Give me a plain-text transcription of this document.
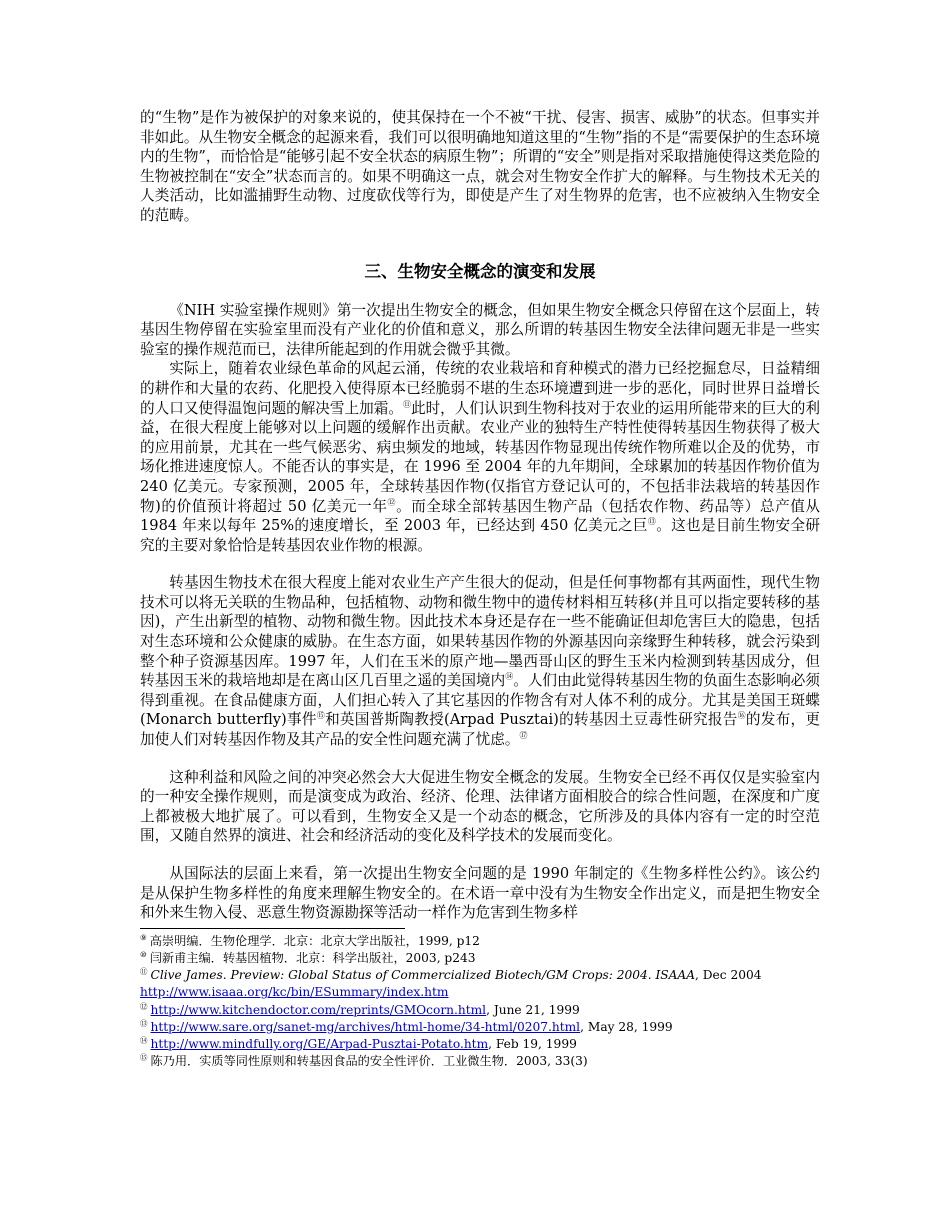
的“生物”是作为被保护的对象来说的，使其保持在一个不被“干扰、侵害、损害、威胁”的状态。但事实并非如此。从生物安全概念的起源来看，我们可以很明确地知道这里的“生物”指的不是“需要保护的生态环境内的生物”，而恰恰是“能够引起不安全状态的病原生物”；所谓的“安全”则是指对采取措施使得这类危险的生物被控制在“安全”状态而言的。如果不明确这一点，就会对生物安全作扩大的解释。与生物技术无关的人类活动，比如滥捕野生动物、过度砍伐等行为，即使是产生了对生物界的危害，也不应被纳入生物安全的范畴。

三、生物安全概念的演变和发展

《NIH 实验室操作规则》第一次提出生物安全的概念，但如果生物安全概念只停留在这个层面上，转基因生物停留在实验室里而没有产业化的价值和意义，那么所谓的转基因生物安全法律问题无非是一些实验室的操作规范而已，法律所能起到的作用就会微乎其微。

实际上，随着农业绿色革命的风起云涌，传统的农业栽培和育种模式的潜力已经挖掘怠尽，日益精细的耕作和大量的农药、化肥投入使得原本已经脆弱不堪的生态环境遭到进一步的恶化，同时世界日益增长的人口又使得温饱问题的解决雪上加霜。⑪此时，人们认识到生物科技对于农业的运用所能带来的巨大的利益，在很大程度上能够对以上问题的缓解作出贡献。农业产业的独特生产特性使得转基因生物获得了极大的应用前景，尤其在一些气候恶劣、病虫频发的地域，转基因作物显现出传统作物所难以企及的优势，市场化推进速度惊人。不能否认的事实是，在 1996 至 2004 年的九年期间，全球累加的转基因作物价值为 240 亿美元。专家预测，2005 年，全球转基因作物(仅指官方登记认可的，不包括非法栽培的转基因作物)的价值预计将超过 50 亿美元一年⑫。而全球全部转基因生物产品（包括农作物、药品等）总产值从 1984 年来以每年 25%的速度增长，至 2003 年，已经达到 450 亿美元之巨⑬。这也是目前生物安全研究的主要对象恰恰是转基因农业作物的根源。

转基因生物技术在很大程度上能对农业生产产生很大的促动，但是任何事物都有其两面性，现代生物技术可以将无关联的生物品种，包括植物、动物和微生物中的遗传材料相互转移(并且可以指定要转移的基因)，产生出新型的植物、动物和微生物。因此技术本身还是存在一些不能确证但却危害巨大的隐患，包括对生态环境和公众健康的威胁。在生态方面，如果转基因作物的外源基因向亲缘野生种转移，就会污染到整个种子资源基因库。1997 年，人们在玉米的原产地—墨西哥山区的野生玉米内检测到转基因成分，但转基因玉米的栽培地却是在离山区几百里之遥的美国境内⑭。人们由此觉得转基因生物的负面生态影响必须得到重视。在食品健康方面，人们担心转入了其它基因的作物含有对人体不利的成分。尤其是美国王斑蝶(Monarch butterfly)事件⑮和英国普斯陶教授(Arpad Pusztai)的转基因土豆毒性研究报告⑯的发布，更加使人们对转基因作物及其产品的安全性问题充满了忧虑。⑰

这种利益和风险之间的冲突必然会大大促进生物安全概念的发展。生物安全已经不再仅仅是实验室内的一种安全操作规则，而是演变成为政治、经济、伦理、法律诸方面相胶合的综合性问题，在深度和广度上都被极大地扩展了。可以看到，生物安全又是一个动态的概念，它所涉及的具体内容有一定的时空范围，又随自然界的演进、社会和经济活动的变化及科学技术的发展而变化。

从国际法的层面上来看，第一次提出生物安全问题的是 1990 年制定的《生物多样性公约》。该公约是从保护生物多样性的角度来理解生物安全的。在术语一章中没有为生物安全作出定义，而是把生物安全和外来生物入侵、恶意生物资源勘探等活动一样作为危害到生物多样

⑨ 高崇明编．生物伦理学．北京：北京大学出版社，1999, p12

⑩ 闫新甫主编．转基因植物．北京：科学出版社，2003, p243

⑪ Clive James. Preview: Global Status of Commercialized Biotech/GM Crops: 2004. ISAAA, Dec 2004
http://www.isaaa.org/kc/bin/ESummary/index.htm

⑫ http://www.kitchendoctor.com/reprints/GMOcorn.html, June 21, 1999

⑬ http://www.sare.org/sanet-mg/archives/html-home/34-html/0207.html, May 28, 1999

⑭ http://www.mindfully.org/GE/Arpad-Pusztai-Potato.htm, Feb 19, 1999

⑮ 陈乃用．实质等同性原则和转基因食品的安全性评价．工业微生物．2003, 33(3)
